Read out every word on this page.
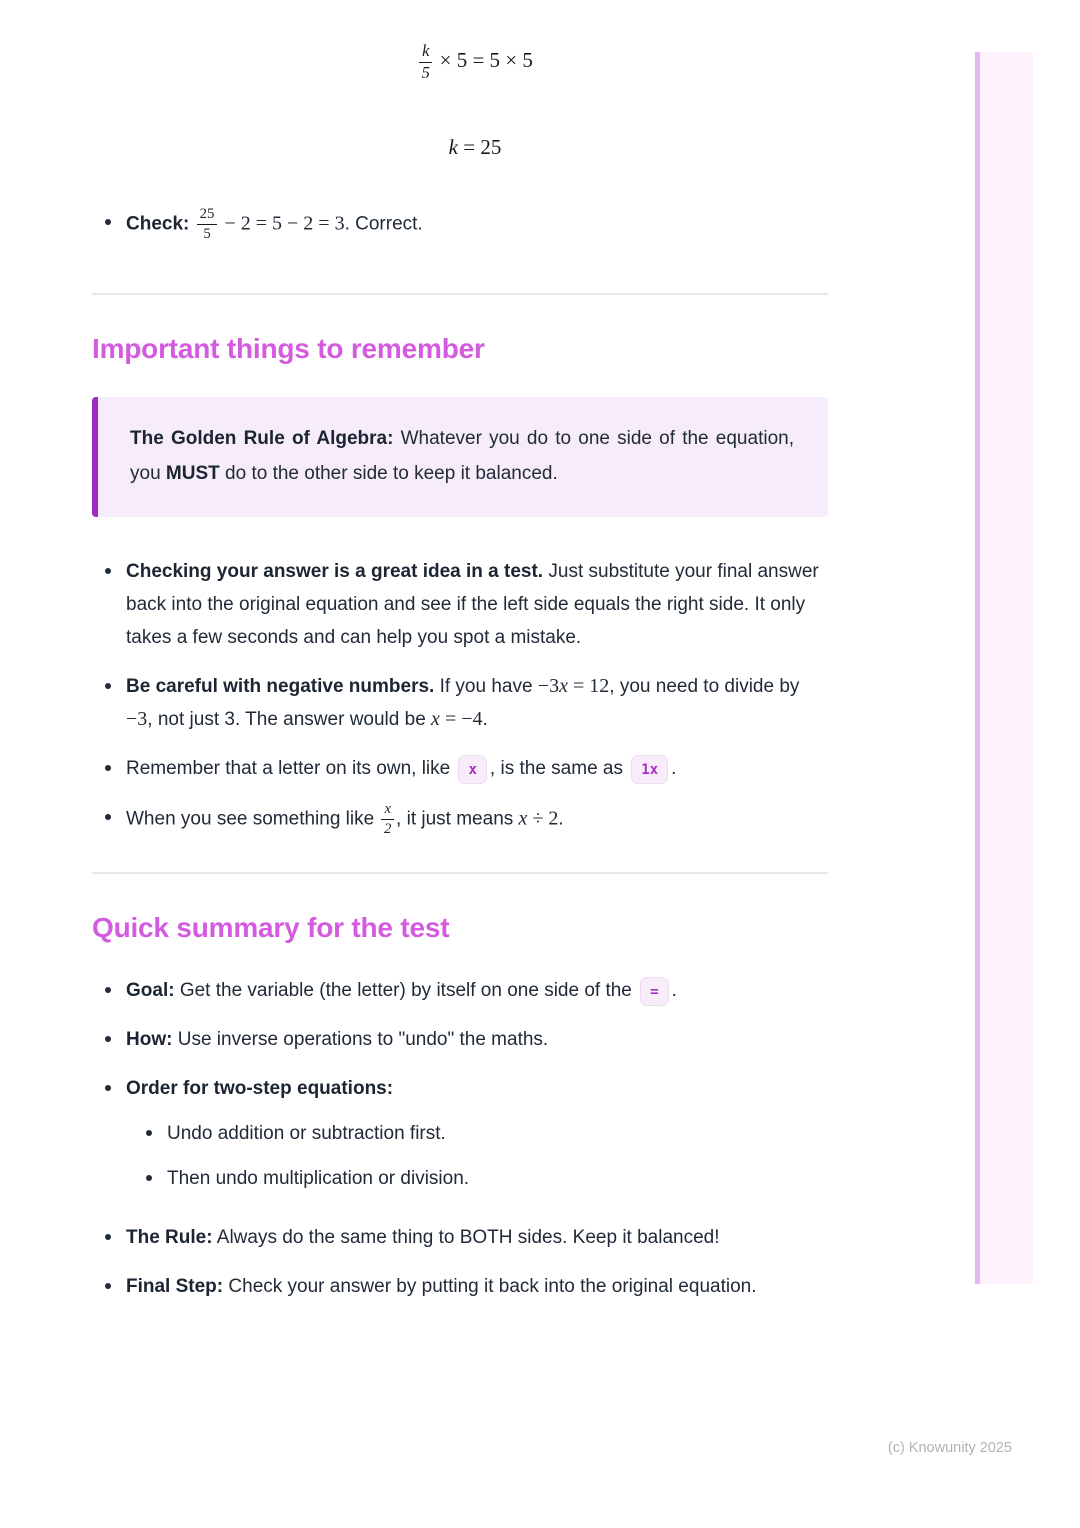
$\frac{k}{5} \times 5 = 5 \times 5$
k = 25
Check: $\frac{25}{5} - 2 = 5 - 2 = 3$. Correct.
Important things to remember

The Golden Rule of Algebra: Whatever you do to one side of the equation, you MUST do to the other side to keep it balanced.

Checking your answer is a great idea in a test. Just substitute your final answer back into the original equation and see if the left side equals the right side. It only takes a few seconds and can help you spot a mistake.
Be careful with negative numbers. If you have −3x = 12, you need to divide by −3, not just 3. The answer would be x = −4.
Remember that a letter on its own, like x , is the same as 1x .
When you see something like $\frac{x}{2}$ , it just means x ÷ 2.
Quick summary for the test
Goal: Get the variable (the letter) by itself on one side of the = .
How: Use inverse operations to "undo" the maths.
Order for two-step equations:
Undo addition or subtraction first.
Then undo multiplication or division.
The Rule: Always do the same thing to BOTH sides. Keep it balanced!
Final Step: Check your answer by putting it back into the original equation.
(c) Knowunity 2025
